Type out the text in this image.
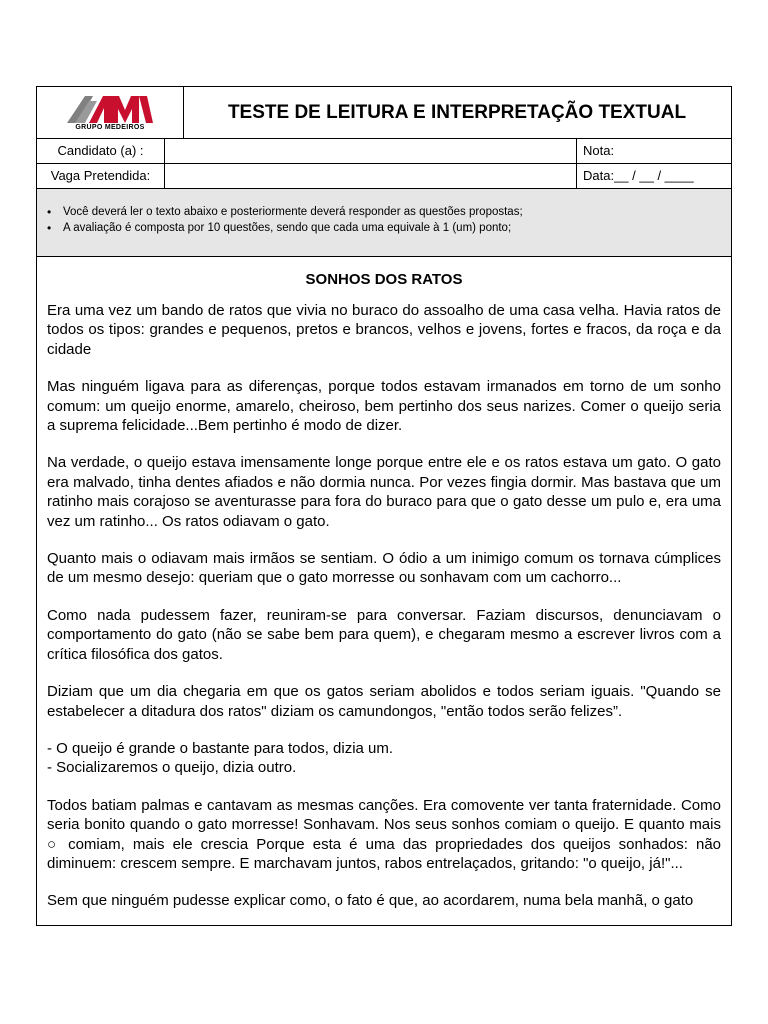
GRUPO MEDEIROS
TESTE DE LEITURA E INTERPRETAÇÃO TEXTUAL
Candidato (a) :	Nota:
Vaga Pretendida:	Data:__ / __ / ____
• Você deverá ler o texto abaixo e posteriormente deverá responder as questões propostas;
• A avaliação é composta por 10 questões, sendo que cada uma equivale à 1 (um) ponto;
SONHOS DOS RATOS

Era uma vez um bando de ratos que vivia no buraco do assoalho de uma casa velha. Havia ratos de todos os tipos: grandes e pequenos, pretos e brancos, velhos e jovens, fortes e fracos, da roça e da cidade

Mas ninguém ligava para as diferenças, porque todos estavam irmanados em torno de um sonho comum: um queijo enorme, amarelo, cheiroso, bem pertinho dos seus narizes. Comer o queijo seria a suprema felicidade...Bem pertinho é modo de dizer.

Na verdade, o queijo estava imensamente longe porque entre ele e os ratos estava um gato. O gato era malvado, tinha dentes afiados e não dormia nunca. Por vezes fingia dormir. Mas bastava que um ratinho mais corajoso se aventurasse para fora do buraco para que o gato desse um pulo e, era uma vez um ratinho... Os ratos odiavam o gato.

Quanto mais o odiavam mais irmãos se sentiam. O ódio a um inimigo comum os tornava cúmplices de um mesmo desejo: queriam que o gato morresse ou sonhavam com um cachorro...

Como nada pudessem fazer, reuniram-se para conversar. Faziam discursos, denunciavam o comportamento do gato (não se sabe bem para quem), e chegaram mesmo a escrever livros com a crítica filosófica dos gatos.

Diziam que um dia chegaria em que os gatos seriam abolidos e todos seriam iguais. "Quando se estabelecer a ditadura dos ratos" diziam os camundongos, "então todos serão felizes”.

- O queijo é grande o bastante para todos, dizia um.

- Socializaremos o queijo, dizia outro.

Todos batiam palmas e cantavam as mesmas canções. Era comovente ver tanta fraternidade. Como seria bonito quando o gato morresse! Sonhavam. Nos seus sonhos comiam o queijo. E quanto mais ○ comiam, mais ele crescia Porque esta é uma das propriedades dos queijos sonhados: não diminuem: crescem sempre. E marchavam juntos, rabos entrelaçados, gritando: "o queijo, já!"...

Sem que ninguém pudesse explicar como, o fato é que, ao acordarem, numa bela manhã, o gato
